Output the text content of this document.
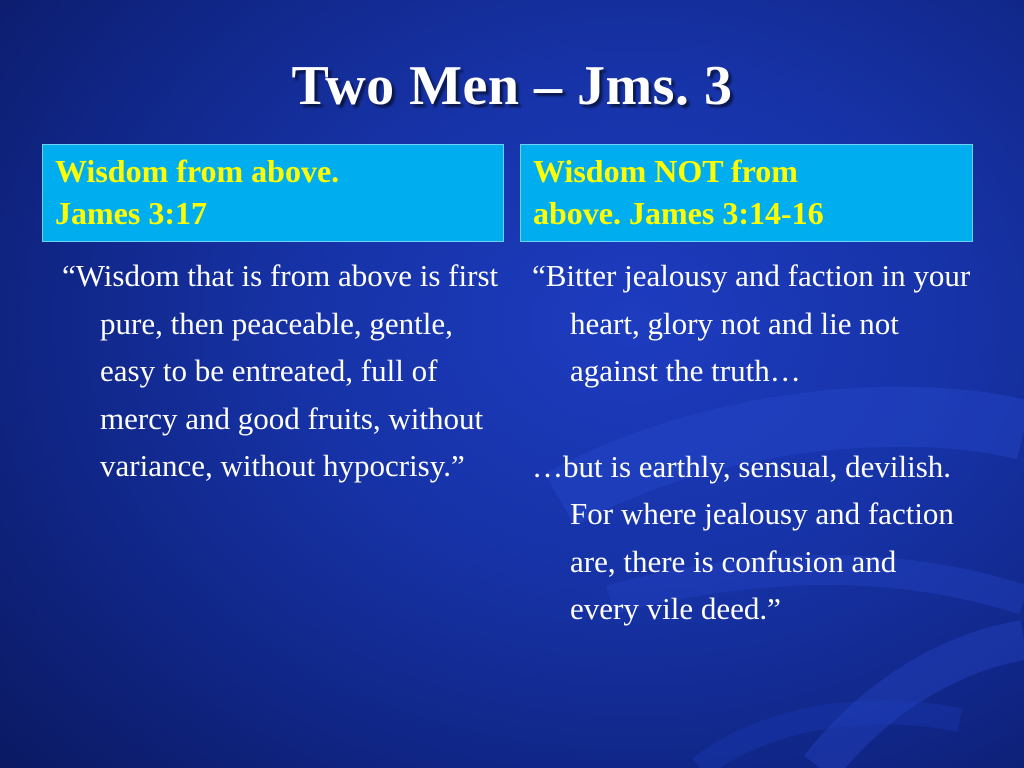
Two Men – Jms. 3
Wisdom from above.
James 3:17
Wisdom NOT from
above. James 3:14-16

“Wisdom that is from above is first pure, then peaceable, gentle, easy to be entreated, full of mercy and good fruits, without variance, without hypocrisy.”

“Bitter jealousy and faction in your heart, glory not and lie not against the truth…

…but is earthly, sensual, devilish. For where jealousy and faction are, there is confusion and every vile deed.”
